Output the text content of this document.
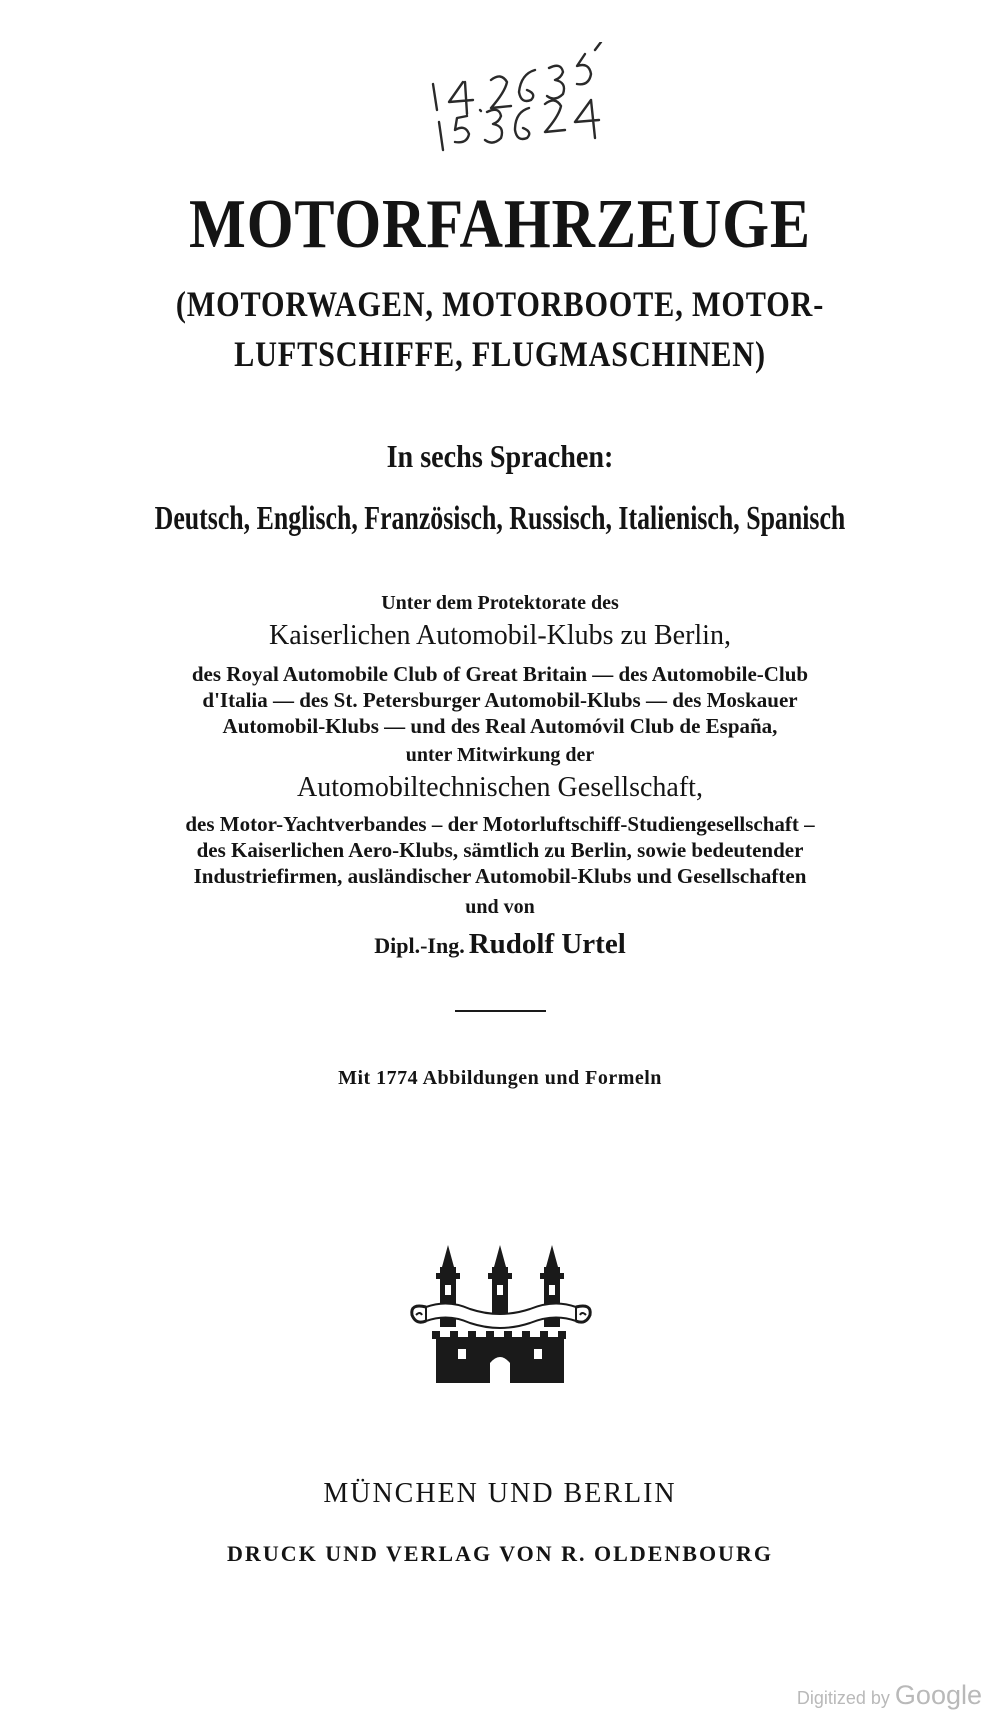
MOTORFAHRZEUGE
(MOTORWAGEN, MOTORBOOTE, MOTOR-
LUFTSCHIFFE, FLUGMASCHINEN)
In sechs Sprachen:
Deutsch, Englisch, Französisch, Russisch, Italienisch, Spanisch
Unter dem Protektorate des
Kaiserlichen Automobil-Klubs zu Berlin,
des Royal Automobile Club of Great Britain — des Automobile-Club
d'Italia — des St. Petersburger Automobil-Klubs — des Moskauer
Automobil-Klubs — und des Real Automóvil Club de España,
unter Mitwirkung der
Automobiltechnischen Gesellschaft,
des Motor-Yachtverbandes – der Motorluftschiff-Studiengesellschaft –
des Kaiserlichen Aero-Klubs, sämtlich zu Berlin, sowie bedeutender
Industriefirmen, ausländischer Automobil-Klubs und Gesellschaften
und von
Dipl.-Ing. Rudolf Urtel
Mit 1774 Abbildungen und Formeln
MÜNCHEN UND BERLIN
DRUCK UND VERLAG VON R. OLDENBOURG
Digitized by Google
